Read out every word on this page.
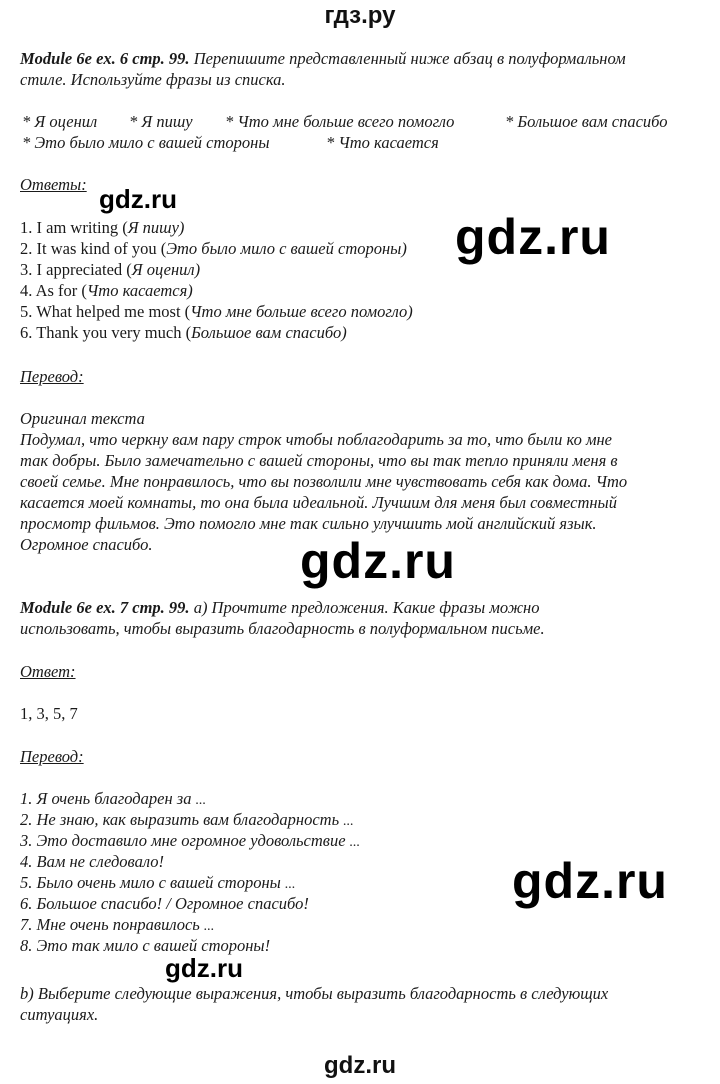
гдз.ру
Module 6e ex. 6 стр. 99. Перепишите представленный ниже абзац в полуформальном
стиле. Используйте фразы из списка.
* Я оценил * Я пишу * Что мне больше всего помогло	* Большое вам спасибо
* Это было мило с вашей стороны	* Что касается
Ответы: gdz.ru
1. I am writing (Я пишу)
2. It was kind of you (Это было мило с вашей стороны)
3. I appreciated (Я оценил)
4. As for (Что касается)
5. What helped me most (Что мне больше всего помогло)
6. Thank you very much (Большое вам спасибо)
gdz.ru
Перевод:
Оригинал текста
Подумал, что черкну вам пару строк чтобы поблагодарить за то, что были ко мне
так добры. Было замечательно с вашей стороны, что вы так тепло приняли меня в
своей семье. Мне понравилось, что вы позволили мне чувствовать себя как дома. Что
касается моей комнаты, то она была идеальной. Лучшим для меня был совместный
просмотр фильмов. Это помогло мне так сильно улучшить мой английский язык.
Огромное спасибо.	gdz.ru
Module 6e ex. 7 стр. 99. а) Прочтите предложения. Какие фразы можно
использовать, чтобы выразить благодарность в полуформальном письме.
Ответ:
1, 3, 5, 7
Перевод:
1. Я очень благодарен за ...
2. Не знаю, как выразить вам благодарность ...
3. Это доставило мне огромное удовольствие ...
4. Вам не следовало!
5. Было очень мило с вашей стороны ...
6. Большое спасибо! / Огромное спасибо!
7. Мне очень понравилось ...
8. Это так мило с вашей стороны!
gdz.ru
gdz.ru
b) Выберите следующие выражения, чтобы выразить благодарность в следующих
ситуациях.
gdz.ru
